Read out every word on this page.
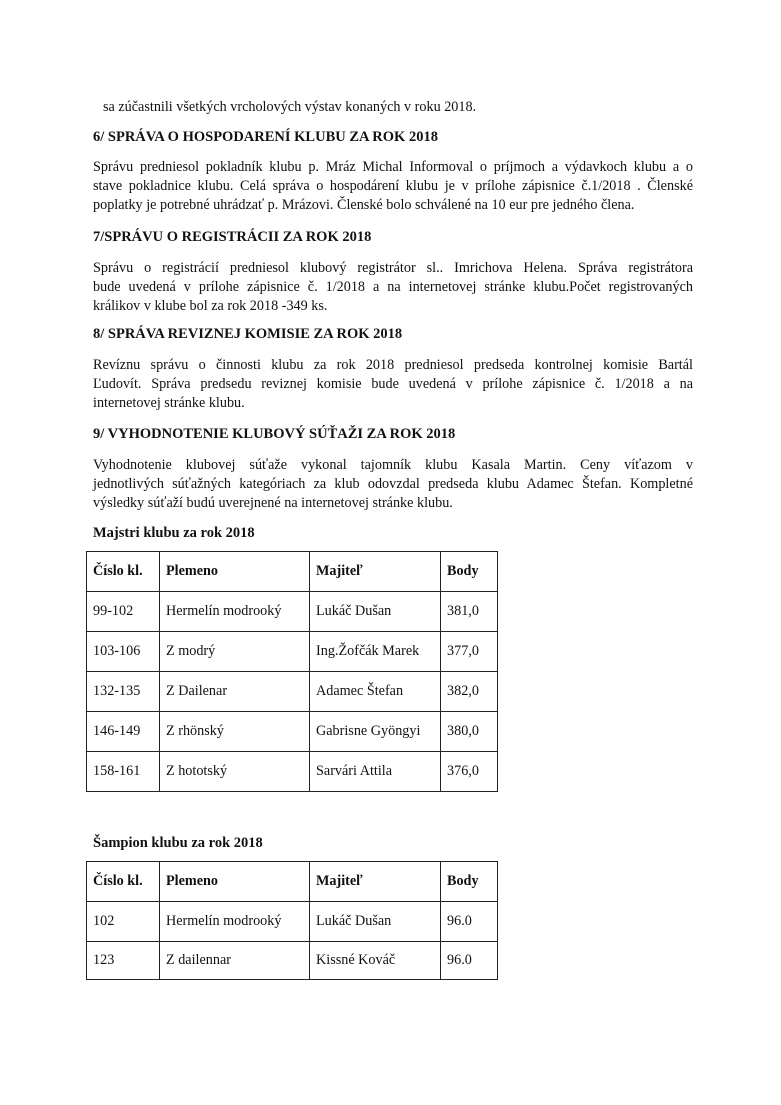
sa zúčastnili všetkých vrcholových výstav konaných v roku 2018.

6/ SPRÁVA O HOSPODARENÍ KLUBU ZA ROK 2018

Správu predniesol pokladník klubu p. Mráz Michal Informoval o príjmoch a výdavkoch klubu a o
stave pokladnice klubu. Celá správa o hospodárení klubu je v prílohe zápisnice č.1/2018 . Členské
poplatky je potrebné uhrádzať p. Mrázovi. Členské bolo schválené na 10 eur pre jedného člena.

7/SPRÁVU O REGISTRÁCII ZA ROK 2018

Správu o registrácií predniesol klubový registrátor sl.. Imrichova Helena. Správa registrátora
bude uvedená v prílohe zápisnice č. 1/2018 a na internetovej stránke klubu.Počet registrovaných
králikov v klube bol za rok 2018 -349 ks.

8/ SPRÁVA REVIZNEJ KOMISIE ZA ROK 2018

Revíznu správu o činnosti klubu za rok 2018 predniesol predseda kontrolnej komisie Bartál
Ľudovít. Správa predsedu reviznej komisie bude uvedená v prílohe zápisnice č. 1/2018 a na
internetovej stránke klubu.

9/ VYHODNOTENIE KLUBOVÝ SÚŤAŽI ZA ROK 2018

Vyhodnotenie klubovej súťaže vykonal tajomník klubu Kasala Martin. Ceny víťazom v
jednotlivých súťažných kategóriach za klub odovzdal predseda klubu Adamec Štefan. Kompletné
výsledky súťaží budú uverejnené na internetovej stránke klubu.

Majstri klubu za rok 2018

Číslo kl.	Plemeno	Majiteľ	Body
99-102	Hermelín modrooký	Lukáč Dušan	381,0
103-106	Z modrý	Ing.Žofčák Marek	377,0
132-135	Z Dailenar	Adamec Štefan	382,0
146-149	Z rhönský	Gabrisne Gyöngyi	380,0
158-161	Z hototský	Sarvári Attila	376,0

Šampion klubu za rok 2018

Číslo kl.	Plemeno	Majiteľ	Body
102	Hermelín modrooký	Lukáč Dušan	96.0
123	Z dailennar	Kissné Kováč	96.0
